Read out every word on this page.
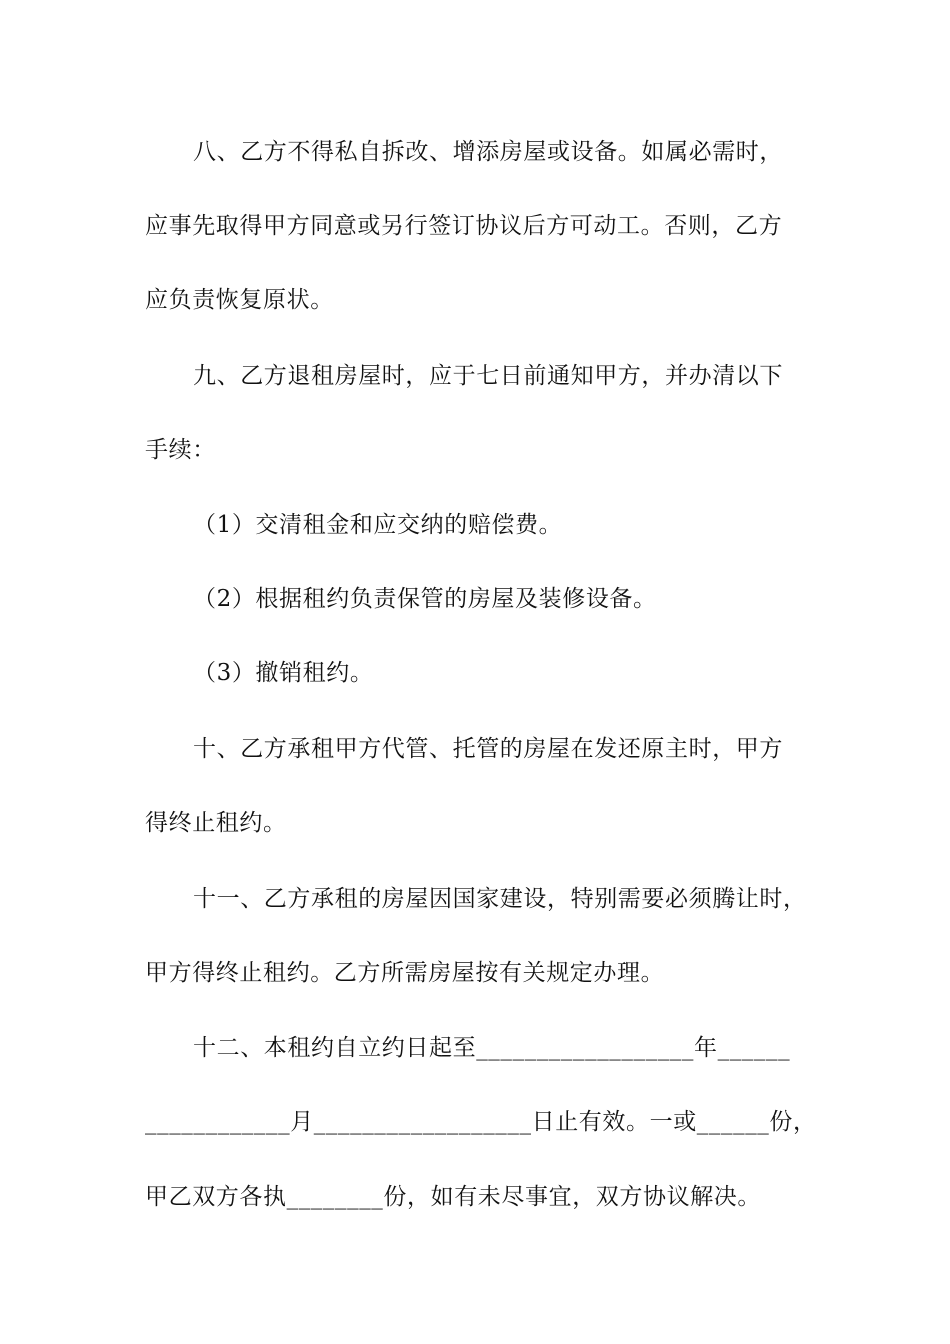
八、乙方不得私自拆改、增添房屋或设备。如属必需时，
应事先取得甲方同意或另行签订协议后方可动工。否则，乙方
应负责恢复原状。
九、乙方退租房屋时，应于七日前通知甲方，并办清以下
手续：
（1）交清租金和应交纳的赔偿费。
（2）根据租约负责保管的房屋及装修设备。
（3）撤销租约。
十、乙方承租甲方代管、托管的房屋在发还原主时，甲方
得终止租约。
十一、乙方承租的房屋因国家建设，特别需要必须腾让时，
甲方得终止租约。乙方所需房屋按有关规定办理。
十二、本租约自立约日起至__________________年______
____________月__________________日止有效。一或______份，
甲乙双方各执________份，如有未尽事宜，双方协议解决。
